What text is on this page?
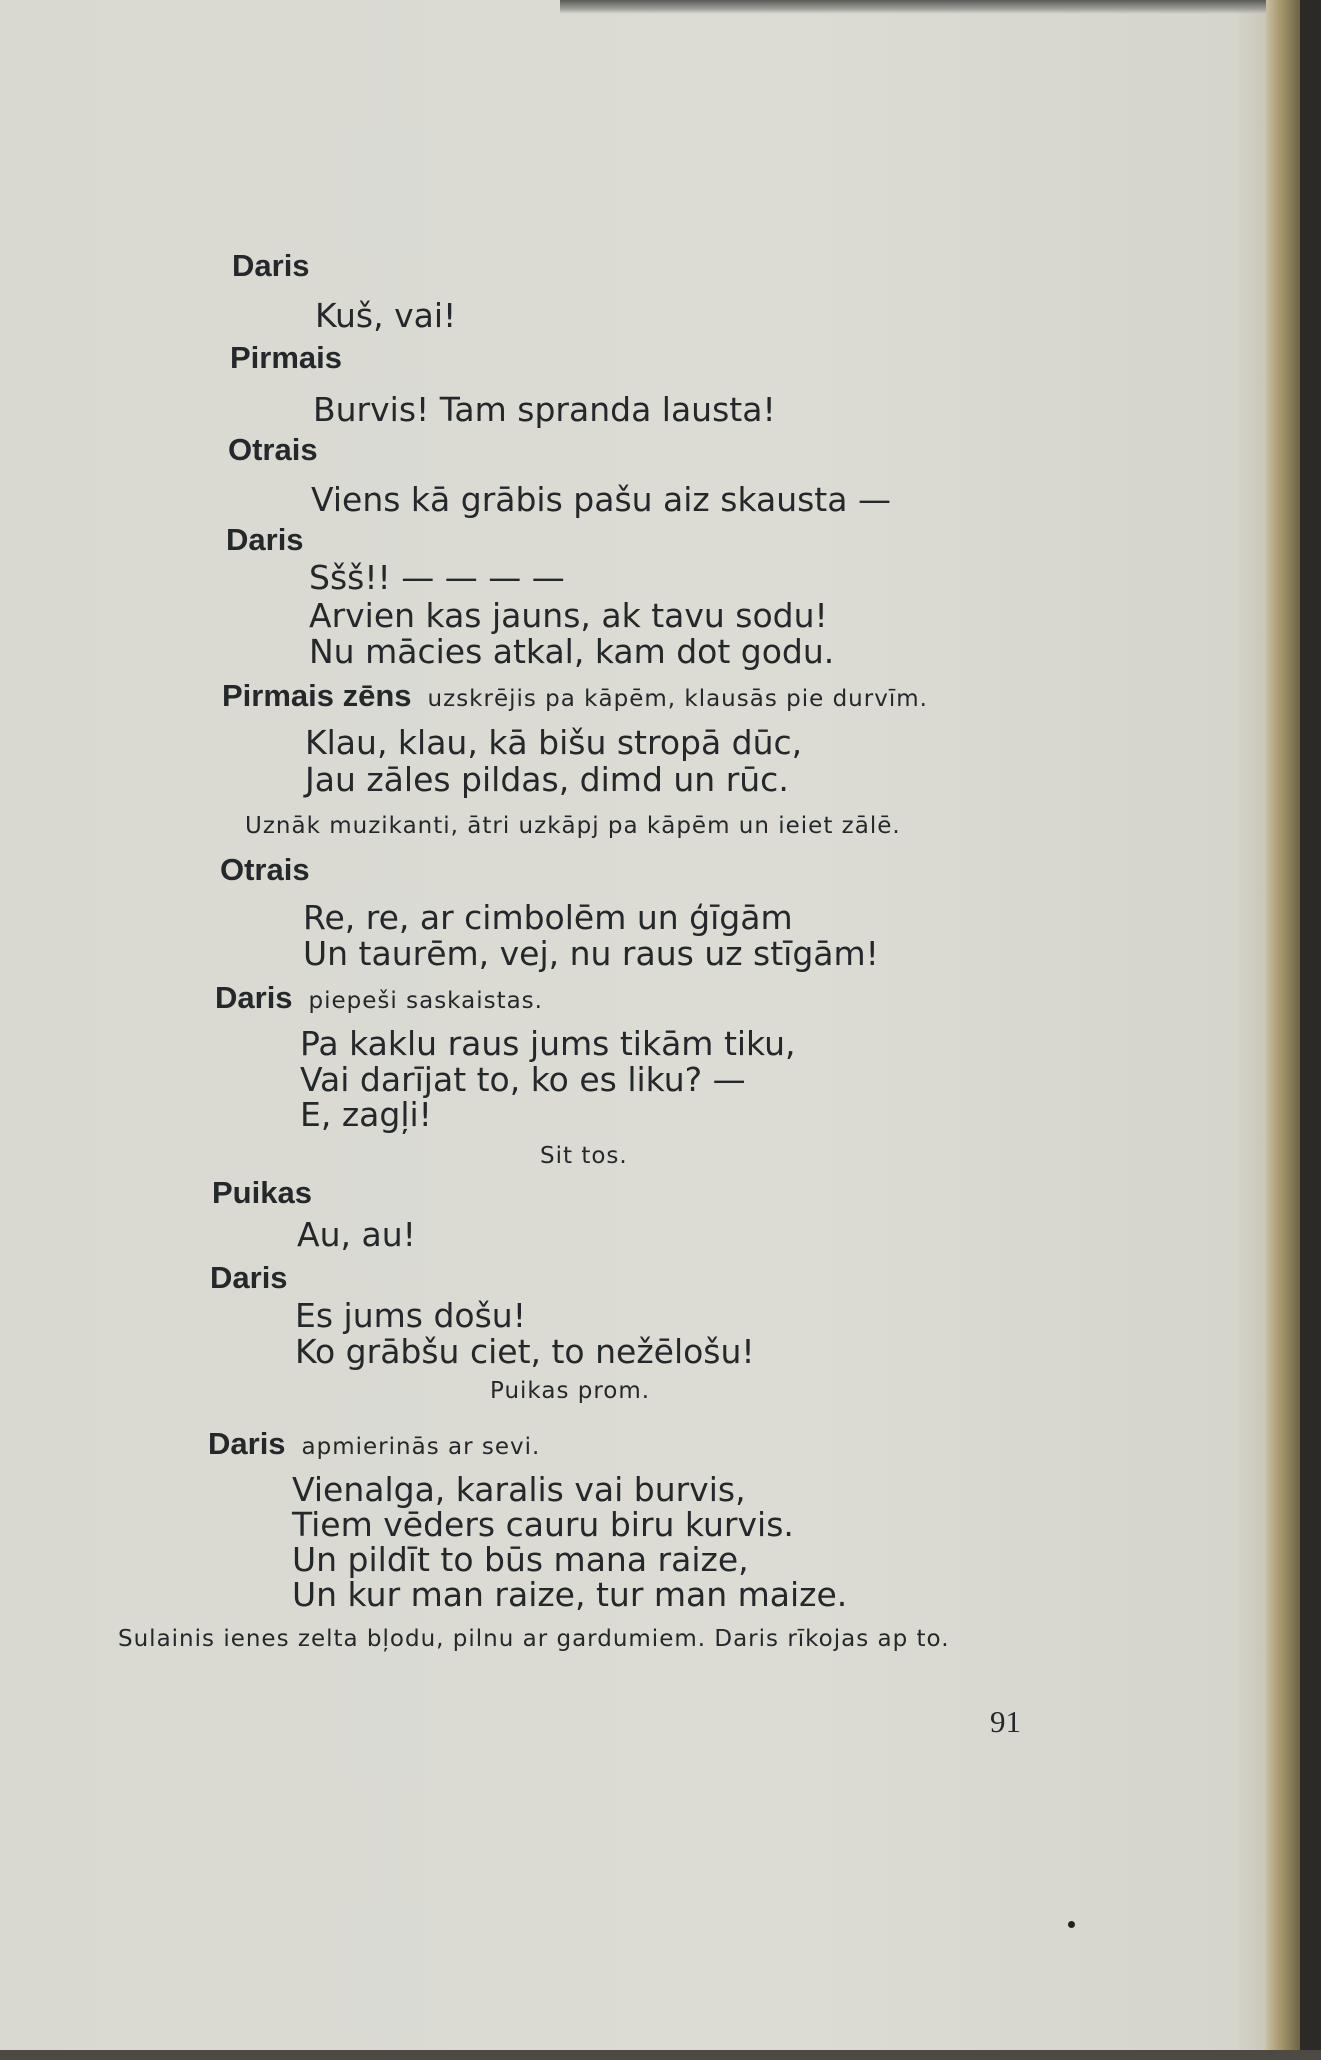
Daris
Kuš, vai!
Pirmais
Burvis! Tam spranda lausta!
Otrais
Viens kā grābis pašu aiz skausta —
Daris
Sšš!! — — — —
Arvien kas jauns, ak tavu sodu!
Nu mācies atkal, kam dot godu.
Pirmais zēns uzskrējis pa kāpēm, klausās pie durvīm.
Klau, klau, kā bišu stropā dūc,
Jau zāles pildas, dimd un rūc.
Uznāk muzikanti, ātri uzkāpj pa kāpēm un ieiet zālē.
Otrais
Re, re, ar cimbolēm un ģīgām
Un taurēm, vej, nu raus uz stīgām!
Daris piepeši saskaistas.
Pa kaklu raus jums tikām tiku,
Vai darījat to, ko es liku? —
E, zagļi!
Sit tos.
Puikas
Au, au!
Daris
Es jums došu!
Ko grābšu ciet, to nežēlošu!
Puikas prom.
Daris apmierinās ar sevi.
Vienalga, karalis vai burvis,
Tiem vēders cauru biru kurvis.
Un pildīt to būs mana raize,
Un kur man raize, tur man maize.
Sulainis ienes zelta bļodu, pilnu ar gardumiem. Daris rīkojas ap to.
91
